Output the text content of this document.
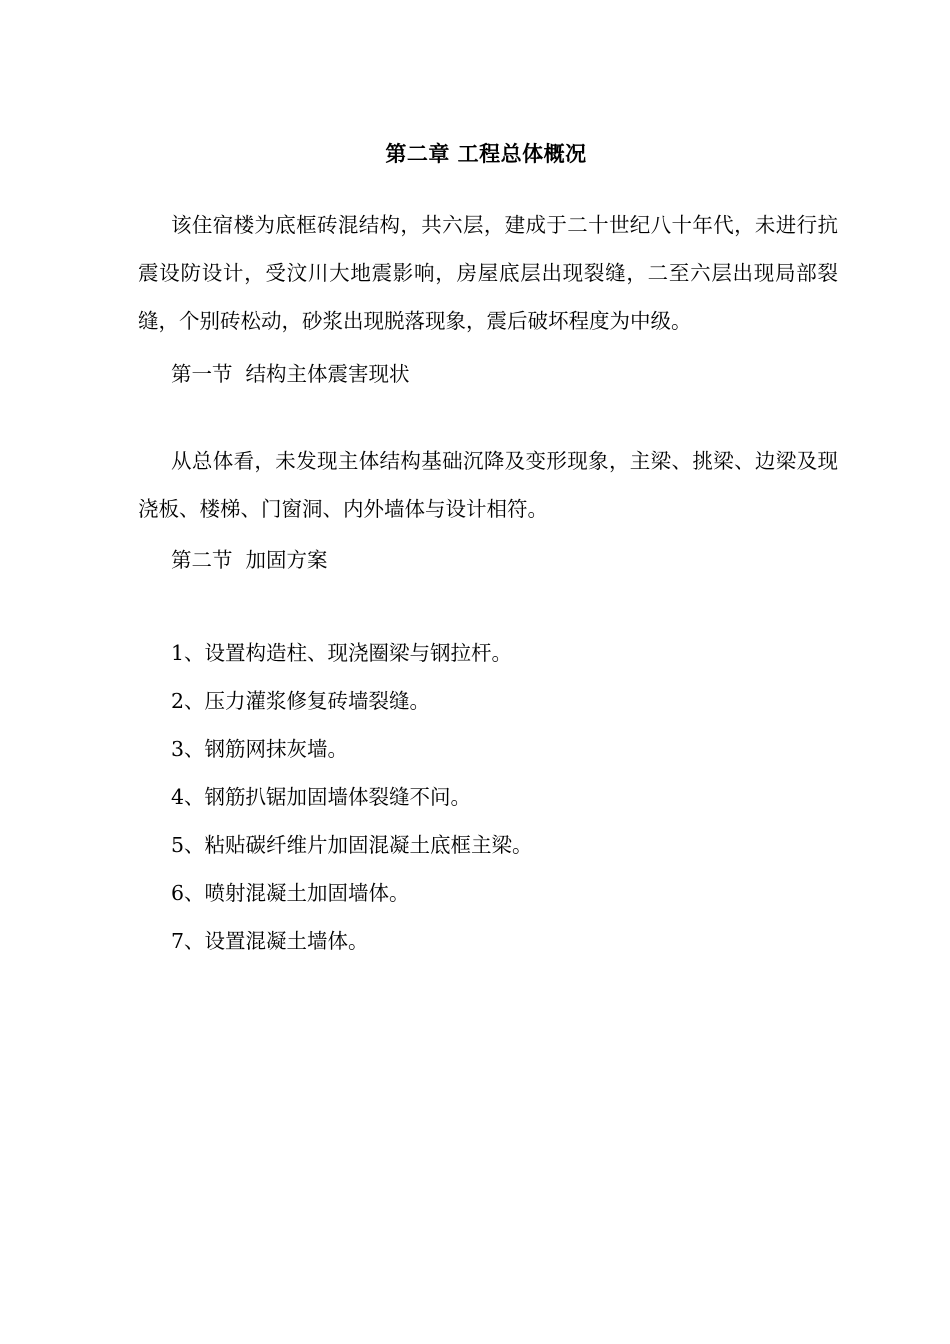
第二章 工程总体概况

该住宿楼为底框砖混结构，共六层，建成于二十世纪八十年代，未进行抗震设防设计，受汶川大地震影响，房屋底层出现裂缝，二至六层出现局部裂缝，个别砖松动，砂浆出现脱落现象，震后破坏程度为中级。

第一节  结构主体震害现状

从总体看，未发现主体结构基础沉降及变形现象，主梁、挑梁、边梁及现浇板、楼梯、门窗洞、内外墙体与设计相符。

第二节  加固方案

1、设置构造柱、现浇圈梁与钢拉杆。
2、压力灌浆修复砖墙裂缝。
3、钢筋网抹灰墙。
4、钢筋扒锯加固墙体裂缝不问。
5、粘贴碳纤维片加固混凝土底框主梁。
6、喷射混凝土加固墙体。
7、设置混凝土墙体。
